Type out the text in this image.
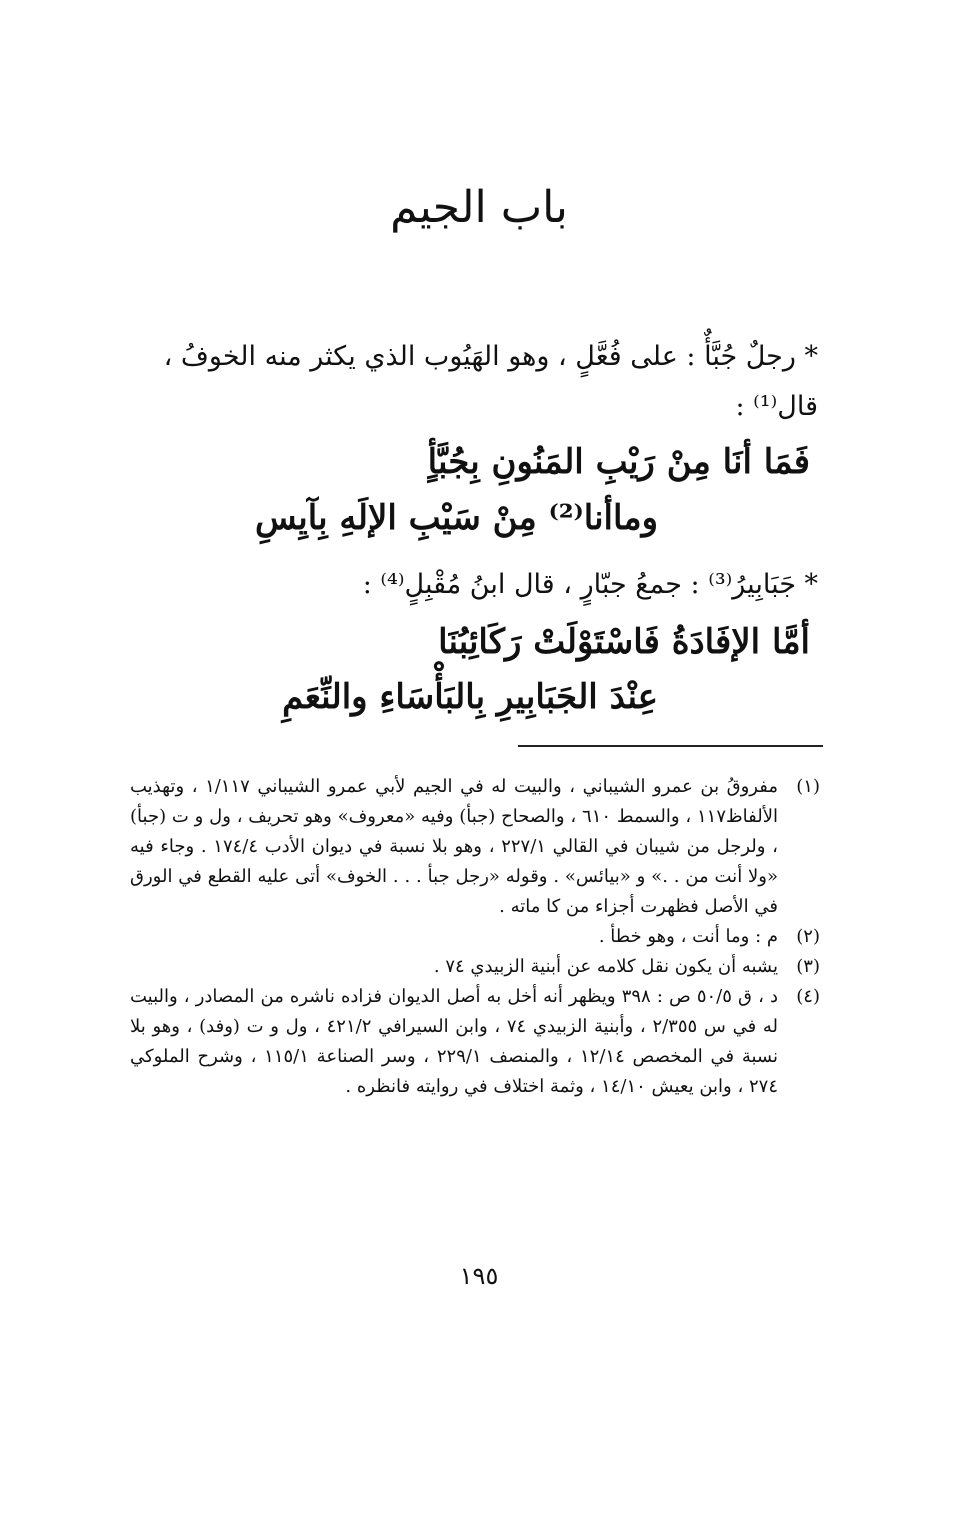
باب الجيم
* رجلٌ جُبَّأٌ : على فُعَّلٍ ، وهو الهَيُوب الذي يكثر منه الخوفُ ،
قال⁽¹⁾ :
فَمَا أنَا مِنْ رَيْبِ المَنُونِ بِجُبَّأٍ
وماأنا⁽²⁾ مِنْ سَيْبِ الإلَهِ بِآيِسِ
* جَبَابِيرُ⁽³⁾ : جمعُ جبّارٍ ، قال ابنُ مُقْبِلٍ⁽⁴⁾ :
أمَّا الإفَادَةُ فَاسْتَوْلَتْ رَكَائِبُنَا
عِنْدَ الجَبَابِيرِ بِالبَأْسَاءِ والنِّعَمِ
(١)
مفروقُ بن عمرو الشيباني ، والبيت له في الجيم لأبي عمرو الشيباني ١/١١٧ ، وتهذيب الألفاظ١١٧ ، والسمط ٦١٠ ، والصحاح (جبأ) وفيه «معروف» وهو تحريف ، ول و ت (جبأ) ، ولرجل من شيبان في القالي ٢٢٧/١ ، وهو بلا نسبة في ديوان الأدب ١٧٤/٤ . وجاء فيه «ولا أنت من . .» و «بيائس» . وقوله «رجل جبأ . . . الخوف» أتى عليه القطع في الورق في الأصل فظهرت أجزاء من كا ماته .
(٢)
م : وما أنت ، وهو خطأ .
(٣)
يشبه أن يكون نقل كلامه عن أبنية الزبيدي ٧٤ .
(٤)
د ، ق ٥٠/٥ ص : ٣٩٨ ويظهر أنه أخل به أصل الديوان فزاده ناشره من المصادر ، والبيت له في س ٢/٣٥٥ ، وأبنية الزبيدي ٧٤ ، وابن السيرافي ٤٢١/٢ ، ول و ت (وفد) ، وهو بلا نسبة في المخصص ١٢/١٤ ، والمنصف ٢٢٩/١ ، وسر الصناعة ١١٥/١ ، وشرح الملوكي ٢٧٤ ، وابن يعيش ١٤/١٠ ، وثمة اختلاف في روايته فانظره .
١٩٥
